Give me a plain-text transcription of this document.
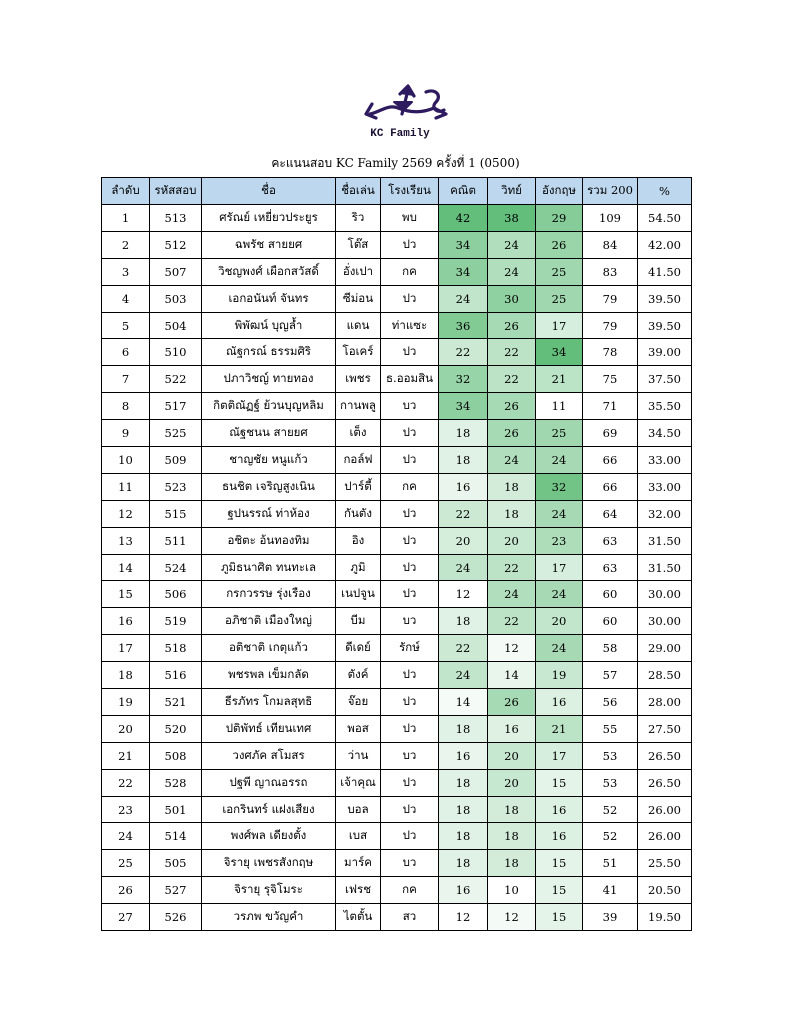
KC Family
คะแนนสอบ KC Family 2569 ครั้งที่ 1 (0500)
ลำดับ	รหัสสอบ	ชื่อ	ชื่อเล่น	โรงเรียน	คณิต	วิทย์	อังกฤษ	รวม 200	%
1	513	ศรัณย์ เหยี่ยวประยูร	ริว	พบ	42	38	29	109	54.50
2	512	ฉพรัช สายยศ	โต๊ส	ปว	34	24	26	84	42.00
3	507	วิชญพงศ์ เผือกสวัสดิ์	อั่งเปา	กค	34	24	25	83	41.50
4	503	เอกอนันท์ จันทร	ซีม่อน	ปว	24	30	25	79	39.50
5	504	พิพัฒน์ บุญล้ำ	แดน	ท่าแซะ	36	26	17	79	39.50
6	510	ณัฐกรณ์ ธรรมศิริ	โอเคร์	ปว	22	22	34	78	39.00
7	522	ปภาวิชญ์ ทายทอง	เพชร	ธ.ออมสิน	32	22	21	75	37.50
8	517	กิตติณัฏฐ์ ย้วนบุญหลิม	กานพลู	บว	34	26	11	71	35.50
9	525	ณัฐชนน สายยศ	เต็ง	ปว	18	26	25	69	34.50
10	509	ชาญชัย หนูแก้ว	กอล์ฟ	ปว	18	24	24	66	33.00
11	523	ธนชิต เจริญสูงเนิน	ปาร์ตี้	กค	16	18	32	66	33.00
12	515	ฐปนรรณ์ ท่าห้อง	กันตัง	ปว	22	18	24	64	32.00
13	511	อชิตะ อ้นทองทิม	อิง	ปว	20	20	23	63	31.50
14	524	ภูมิธนาศิต ทนทะเล	ภูมิ	ปว	24	22	17	63	31.50
15	506	กรกวรรษ รุ่งเรือง	เนปจูน	ปว	12	24	24	60	30.00
16	519	อภิชาติ เมืองใหญ่	บีม	บว	18	22	20	60	30.00
17	518	อติชาติ เกตุแก้ว	ดีเดย์	รักษ์	22	12	24	58	29.00
18	516	พชรพล เข็มกลัด	ตังค์	ปว	24	14	19	57	28.50
19	521	ธีรภัทร โกมลสุทธิ	จ๊อย	ปว	14	26	16	56	28.00
20	520	ปติพัทธ์ เทียนเทศ	พอส	ปว	18	16	21	55	27.50
21	508	วงศภัค สโมสร	ว่าน	บว	16	20	17	53	26.50
22	528	ปฐพี ญาณอรรถ	เจ้าคุณ	ปว	18	20	15	53	26.50
23	501	เอกรินทร์ แฝงเสียง	บอล	ปว	18	18	16	52	26.00
24	514	พงศ์พล เดียงตั้ง	เบส	ปว	18	18	16	52	26.00
25	505	จิรายุ เพชรสังกฤษ	มาร์ค	บว	18	18	15	51	25.50
26	527	จิรายุ รุจิโมระ	เฟรช	กค	16	10	15	41	20.50
27	526	วรภพ ขวัญคำ	ไตตั้น	สว	12	12	15	39	19.50
